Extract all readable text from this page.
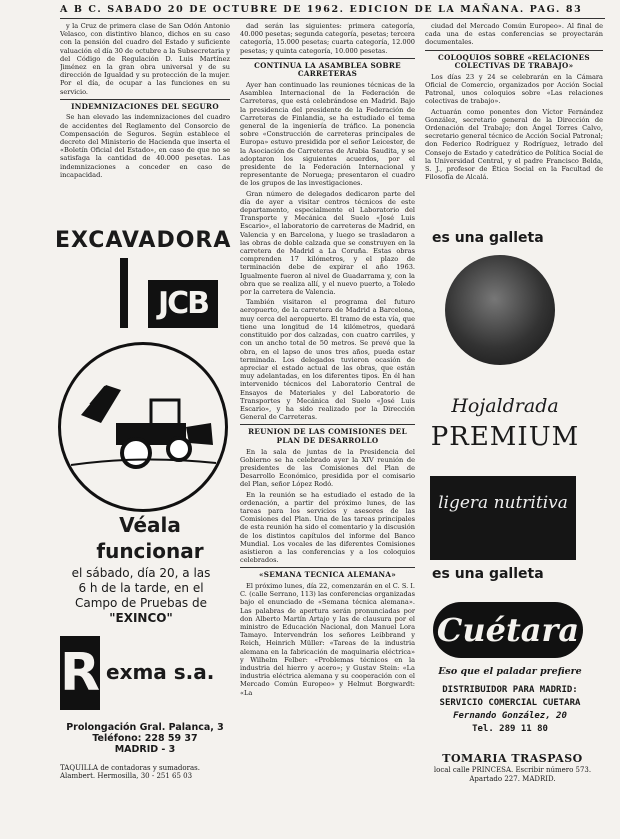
A B C. SABADO 20 DE OCTUBRE DE 1962. EDICION DE LA MAÑANA. PAG. 83

y la Cruz de primera clase de San Odón Antonio Velasco, con distintivo blanco, dichos en su caso con la pensión del cuadro del Estado y suficiente valuación el día 30 de octubre a la Subsecretaria y del Código de Regulación D. Luis Martínez Jiménez en la gran obra universal y de su dirección de Igualdad y su protección de la mujer. Por el día, de ocupar a las funciones en su servicio.

INDEMNIZACIONES DEL SEGURO

Se han elevado las indemnizaciones del cuadro de accidentes del Reglamento del Consorcio de Compensación de Seguros. Según establece el decreto del Ministerio de Hacienda que inserta el «Boletín Oficial del Estado», en caso de que no se satisfaga la cantidad de 40.000 pesetas. Las indemnizaciones a conceder en caso de incapacidad.

dad serán las siguientes: primera categoría, 40.000 pesetas; segunda categoría, pesetas; tercera categoría, 15.000 pesetas; cuarta categoría, 12.000 pesetas; y quinta categoría, 10.000 pesetas.

CONTINUA LA ASAMBLEA SOBRE CARRETERAS

Ayer han continuado las reuniones técnicas de la Asamblea Internacional de la Federación de Carreteras, que está celebrándose en Madrid. Bajo la presidencia del presidente de la Federación de Carreteras de Finlandia, se ha estudiado el tema general de la ingeniería de tráfico. La ponencia sobre «Construcción de carreteras principales de Europa» estuvo presidida por el señor Leicester, de la Asociación de Carreteras de Arabia Saudita, y se adoptaron los siguientes acuerdos, por el presidente de la Federación Internacional y representante de Noruega; presentaron el cuadro de los grupos de las investigaciones.

Gran número de delegados dedicaron parte del día de ayer a visitar centros técnicos de este departamento, especialmente el Laboratorio del Transporte y Mecánica del Suelo «José Luis Escario», el laboratorio de carreteras de Madrid, en Valencia y en Barcelona, y luego se trasladaron a las obras de doble calzada que se construyen en la carretera de Madrid a La Coruña. Estas obras comprenden 17 kilómetros, y el plazo de terminación debe de expirar el año 1963. Igualmente fueron al nivel de Guadarrama y, con la obra que se realiza allí, y el nuevo puerto, a Toledo por la carretera de Valencia.

También visitaron el programa del futuro aeropuerto, de la carretera de Madrid a Barcelona, muy cerca del aeropuerto. El tramo de esta vía, que tiene una longitud de 14 kilómetros, quedará constituido por dos calzadas, con cuatro carriles, y con un ancho total de 50 metros. Se prevé que la obra, en el lapso de unos tres años, pueda estar terminada. Los delegados tuvieron ocasión de apreciar el estado actual de las obras, que están muy adelantadas, en los diferentes tipos. En él han intervenido técnicos del Laboratorio Central de Ensayos de Materiales y del Laboratorio de Transportes y Mecánica del Suelo «José Luis Escario», y ha sido realizado por la Dirección General de Carreteras.

REUNION DE LAS COMISIONES DEL PLAN DE DESARROLLO

En la sala de juntas de la Presidencia del Gobierno se ha celebrado ayer la XIV reunión de presidentes de las Comisiones del Plan de Desarrollo Económico, presidida por el comisario del Plan, señor López Rodó.

En la reunión se ha estudiado el estado de la ordenación, a partir del próximo lunes, de las tareas para los servicios y asesores de las Comisiones del Plan. Una de las tareas principales de esta reunión ha sido el comentario y la discusión de los distintos capítulos del informe del Banco Mundial. Los vocales de las diferentes Comisiones asistieron a las conferencias y a los coloquios celebrados.

«SEMANA TECNICA ALEMANA»

El próximo lunes, día 22, comenzarán en el C. S. I. C. (calle Serrano, 113) las conferencias organizadas bajo el enunciado de «Semana técnica alemana». Las palabras de apertura serán pronunciadas por don Alberto Martín Artajo y las de clausura por el ministro de Educación Nacional, don Manuel Lora Tamayo. Intervendrán los señores Leibbrand y Reich, Heinrich Müller: «Tareas de la industria alemana en la fabricación de maquinaria eléctrica» y Wilhelm Felber: «Problemas técnicos en la industria del hierro y acero»; y Gustav Stein: «La industria eléctrica alemana y su cooperación con el Mercado Común Europeo» y Helmut Borgwardt: «La

ciudad del Mercado Común Europeo». Al final de cada una de estas conferencias se proyectarán documentales.

COLOQUIOS SOBRE «RELACIONES COLECTIVAS DE TRABAJO»

Los días 23 y 24 se celebrarán en la Cámara Oficial de Comercio, organizados por Acción Social Patronal, unos coloquios sobre «Las relaciones colectivas de trabajo».

Actuarán como ponentes don Víctor Fernández González, secretario general de la Dirección de Ordenación del Trabajo; don Ángel Torres Calvo, secretario general técnico de Acción Social Patronal; don Federico Rodríguez y Rodríguez, letrado del Consejo de Estado y catedrático de Política Social de la Universidad Central, y el padre Francisco Belda, S. J., profesor de Ética Social en la Facultad de Filosofía de Alcalá.

EXCAVADORA
JCB
Véala
funcionar
el sábado, día 20, a las
6 h de la tarde, en el
Campo de Pruebas de
"EXINCO"
R exma s.a.
Prolongación Gral. Palanca, 3
Teléfono: 228 59 37
MADRID - 3
TAQUILLA de contadoras y sumadoras. Alambert. Hermosilla, 30 - 251 65 03
es una galleta
Hojaldrada
PREMIUM
ligera nutritiva
es una galleta
Cuétara
Eso que el paladar prefiere
DISTRIBUIDOR PARA MADRID:
SERVICIO COMERCIAL CUETARA
Fernando González, 20
Tel. 289 11 80
TOMARIA TRASPASO
local calle PRINCESA. Escribir número 573. Apartado 227. MADRID.
